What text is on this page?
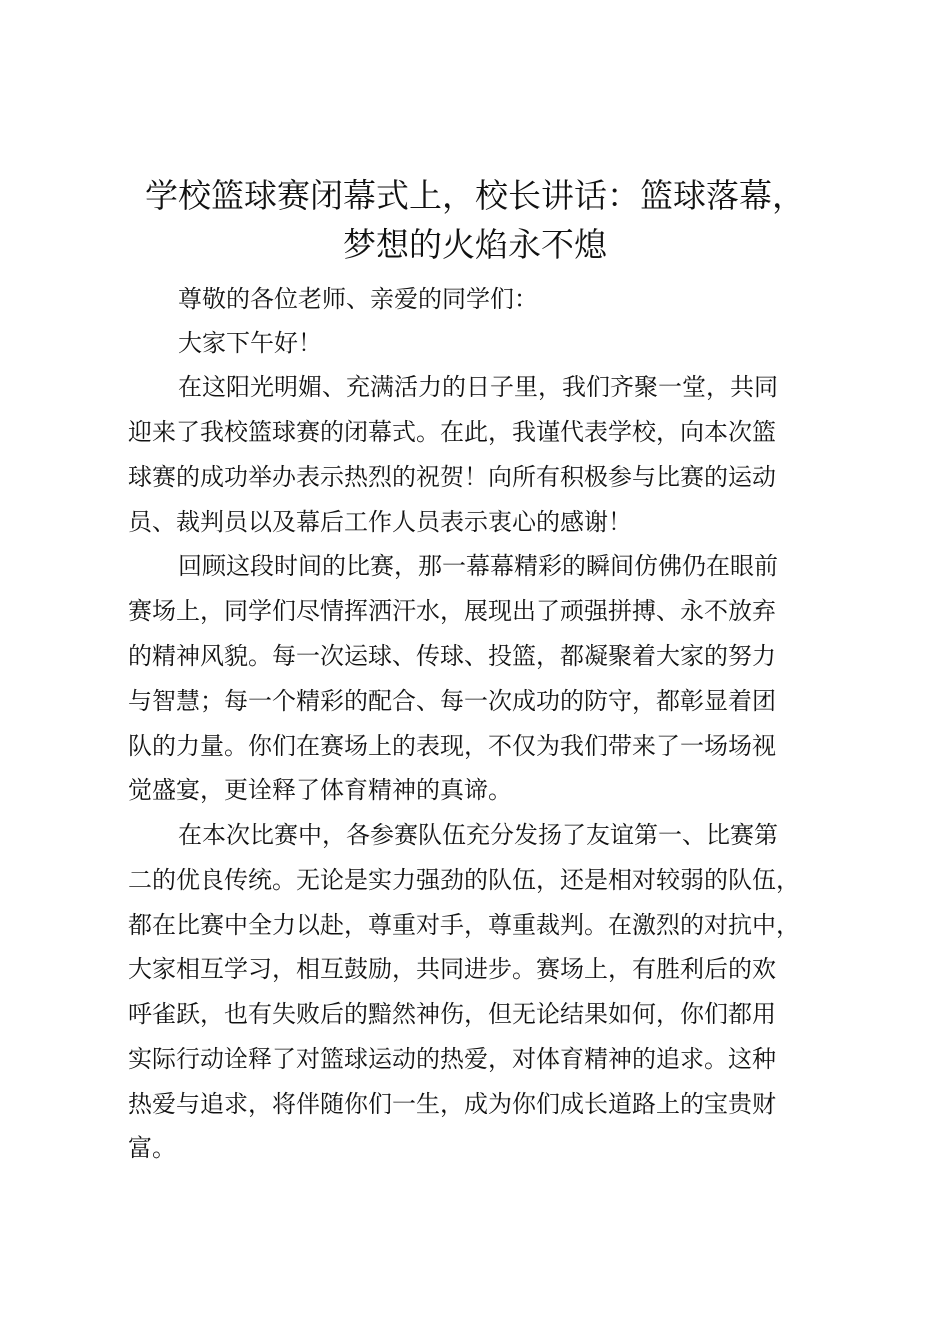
学校篮球赛闭幕式上，校长讲话：篮球落幕，
梦想的火焰永不熄

尊敬的各位老师、亲爱的同学们：

大家下午好！

在这阳光明媚、充满活力的日子里，我们齐聚一堂，共同

迎来了我校篮球赛的闭幕式。在此，我谨代表学校，向本次篮

球赛的成功举办表示热烈的祝贺！向所有积极参与比赛的运动

员、裁判员以及幕后工作人员表示衷心的感谢！

回顾这段时间的比赛，那一幕幕精彩的瞬间仿佛仍在眼前

赛场上，同学们尽情挥洒汗水，展现出了顽强拼搏、永不放弃

的精神风貌。每一次运球、传球、投篮，都凝聚着大家的努力

与智慧；每一个精彩的配合、每一次成功的防守，都彰显着团

队的力量。你们在赛场上的表现，不仅为我们带来了一场场视

觉盛宴，更诠释了体育精神的真谛。

在本次比赛中，各参赛队伍充分发扬了友谊第一、比赛第

二的优良传统。无论是实力强劲的队伍，还是相对较弱的队伍，

都在比赛中全力以赴，尊重对手，尊重裁判。在激烈的对抗中，

大家相互学习，相互鼓励，共同进步。赛场上，有胜利后的欢

呼雀跃，也有失败后的黯然神伤，但无论结果如何，你们都用

实际行动诠释了对篮球运动的热爱，对体育精神的追求。这种

热爱与追求，将伴随你们一生，成为你们成长道路上的宝贵财

富。
